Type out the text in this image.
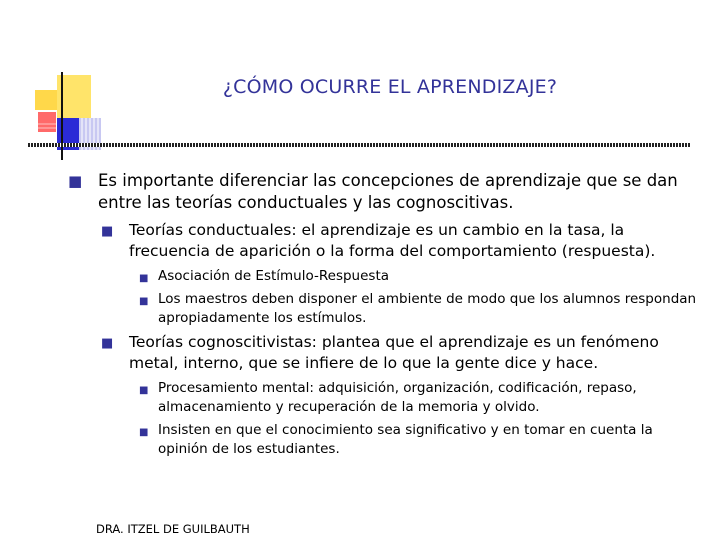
¿CÓMO OCURRE EL APRENDIZAJE?
■ Es importante diferenciar las concepciones de aprendizaje que se dan entre las teorías conductuales y las cognoscitivas.
■ Teorías conductuales: el aprendizaje es un cambio en la tasa, la frecuencia de aparición o la forma del comportamiento (respuesta).
■ Asociación de Estímulo-Respuesta
■ Los maestros deben disponer el ambiente de modo que los alumnos respondan apropiadamente los estímulos.
■ Teorías cognoscitivistas: plantea que el aprendizaje es un fenómeno metal, interno, que se infiere de lo que la gente dice y hace.
■ Procesamiento mental: adquisición, organización, codificación, repaso, almacenamiento y recuperación de la memoria y olvido.
■ Insisten en que el conocimiento sea significativo y en tomar en cuenta la opinión de los estudiantes.
DRA. ITZEL DE GUILBAUTH
